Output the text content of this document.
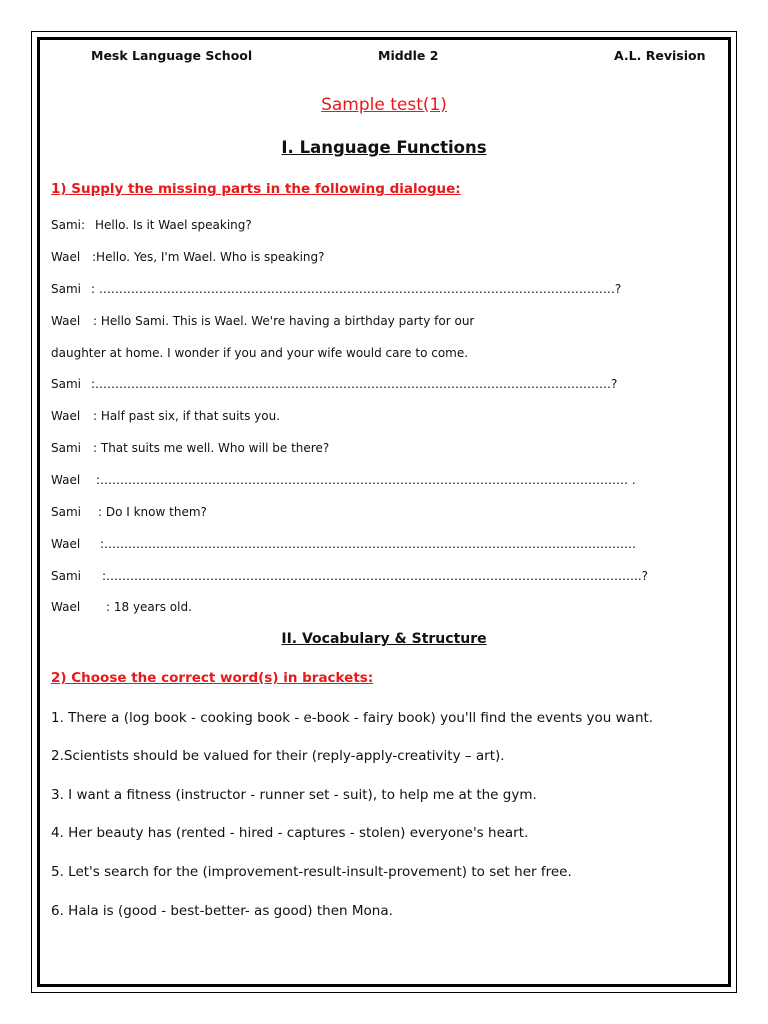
Mesk Language School	Middle 2	A.L. Revision
Sample test(1)
I. Language Functions
1) Supply the missing parts in the following dialogue:
Sami: Hello. Is it Wael speaking?
Wael :Hello. Yes, I'm Wael. Who is speaking?
Sami : …………………………………………………………………………………………………………………?
Wael : Hello Sami. This is Wael. We're having a birthday party for our
daughter at home. I wonder if you and your wife would care to come.
Sami :…………………………………………………………………………………………………………………?
Wael : Half past six, if that suits you.
Sami : That suits me well. Who will be there?
Wael :…………………………………………………………………………………………………………………… .
Sami : Do I know them?
Wael :…………………………………………………………………………………………………………………….
Sami :……………………………………………………………………………………………………………………..?
Wael : 18 years old.
II. Vocabulary & Structure
2) Choose the correct word(s) in brackets:
1. There a (log book - cooking book - e-book - fairy book) you'll find the events you want.
2.Scientists should be valued for their (reply-apply-creativity – art).
3. I want a fitness (instructor - runner set - suit), to help me at the gym.
4. Her beauty has (rented - hired - captures - stolen) everyone's heart.
5. Let's search for the (improvement-result-insult-provement) to set her free.
6. Hala is (good - best-better- as good) then Mona.
